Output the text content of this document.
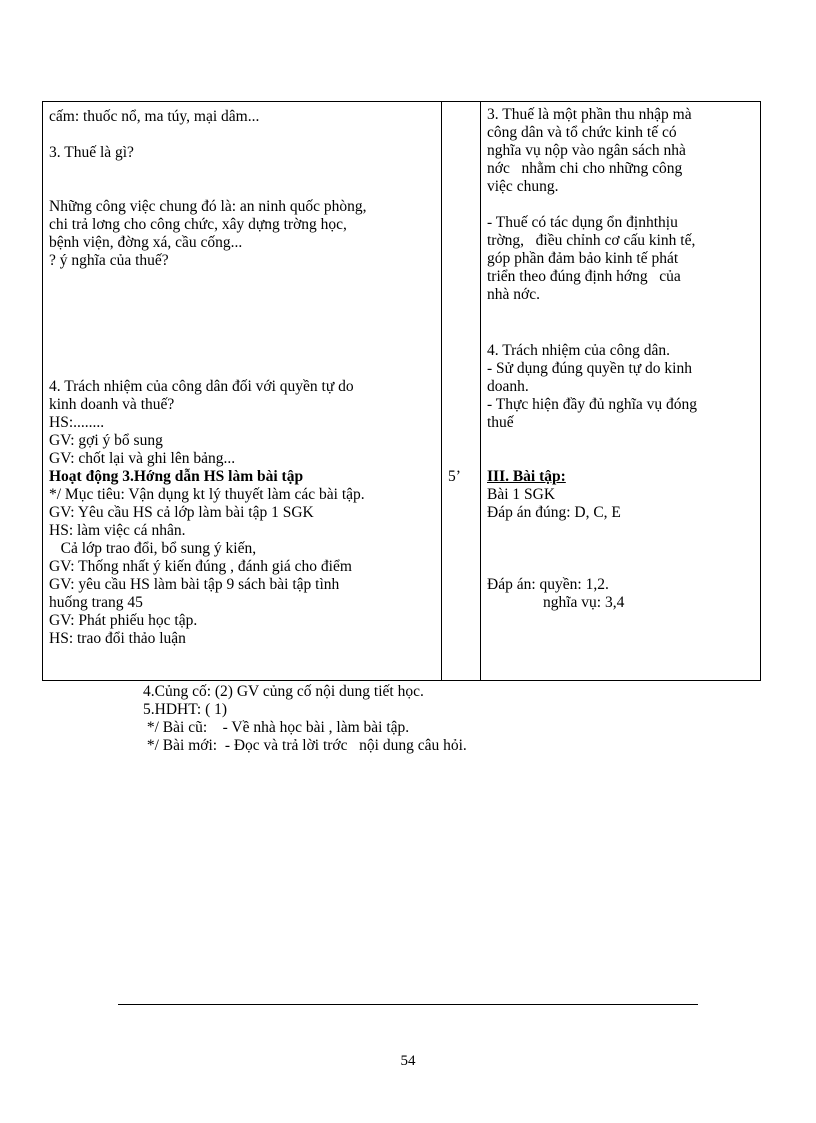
cấm: thuốc nổ, ma túy, mại dâm...
3. Thuế là gì?
Những công việc chung đó là: an ninh quốc phòng,
chi trả lơng cho công chức, xây dựng trờng học,
bệnh viện, đờng xá, cầu cống...
? ý nghĩa của thuế?
4. Trách nhiệm của công dân đối với quyền tự do
kinh doanh và thuế?
HS:........
GV: gợi ý bổ sung
GV: chốt lại và ghi lên bảng...
Hoạt động 3.Hớng dẫn HS làm bài tập
*/ Mục tiêu: Vận dụng kt lý thuyết làm các bài tập.
GV: Yêu cầu HS cả lớp làm bài tập 1 SGK
HS: làm việc cá nhân.
Cả lớp trao đổi, bổ sung ý kiến,
GV: Thống nhất ý kiến đúng , đánh giá cho điểm
GV: yêu cầu HS làm bài tập 9 sách bài tập tình
huống trang 45
GV: Phát phiếu học tập.
HS: trao đổi thảo luận
5’
3. Thuế là một phần thu nhập mà
công dân và tổ chức kinh tế có
nghĩa vụ nộp vào ngân sách nhà
nớc   nhằm chi cho những công
việc chung.
- Thuế có tác dụng ổn địnhthịu
trờng,   điều chỉnh cơ cấu kinh tế,
góp phần đảm bảo kinh tế phát
triển theo đúng định hớng   của
nhà nớc.
4. Trách nhiệm của công dân.
- Sử dụng đúng quyền tự do kinh
doanh.
- Thực hiện đầy đủ nghĩa vụ đóng
thuế
III. Bài tập:
Bài 1 SGK
Đáp án đúng: D, C, E
Đáp án: quyền: 1,2.
nghĩa vụ: 3,4
4.Củng cố: (2) GV củng cố nội dung tiết học.
5.HDHT: ( 1)
*/ Bài cũ:    - Về nhà học bài , làm bài tập.
*/ Bài mới:  - Đọc và trả lời trớc   nội dung câu hỏi.
54
